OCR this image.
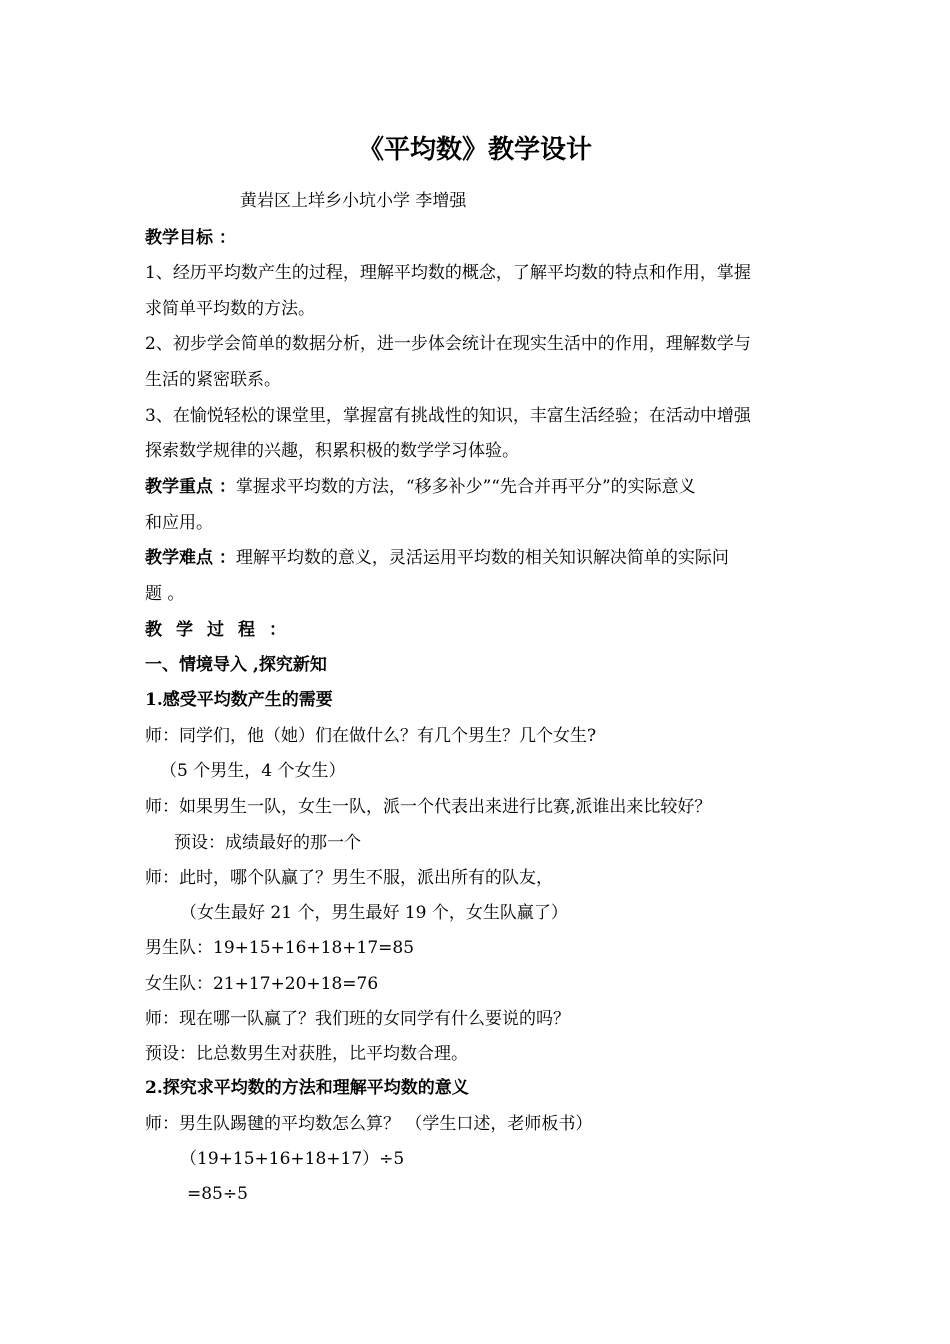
《平均数》教学设计
黄岩区上垟乡小坑小学 李增强
教学目标 ：
1、经历平均数产生的过程，理解平均数的概念，了解平均数的特点和作用，掌握
求简单平均数的方法。
2、初步学会简单的数据分析，进一步体会统计在现实生活中的作用，理解数学与
生活的紧密联系。
3、在愉悦轻松的课堂里，掌握富有挑战性的知识，丰富生活经验；在活动中增强
探索数学规律的兴趣，积累积极的数学学习体验。
教学重点 ：掌握求平均数的方法，“移多补少”“先合并再平分”的实际意义
和应用。
教学难点 ：理解平均数的意义，灵活运用平均数的相关知识解决简单的实际问
题 。
教学过程：
一、情境导入 ,探究新知
1.感受平均数产生的需要
师：同学们，他（她）们在做什么？有几个男生？几个女生?
（5 个男生，4 个女生）
师：如果男生一队，女生一队，派一个代表出来进行比赛,派谁出来比较好？
预设：成绩最好的那一个
师：此时，哪个队赢了？男生不服，派出所有的队友，
（女生最好 21 个，男生最好 19 个，女生队赢了）
男生队：19+15+16+18+17=85
女生队：21+17+20+18=76
师：现在哪一队赢了？我们班的女同学有什么要说的吗？
预设：比总数男生对获胜，比平均数合理。
2.探究求平均数的方法和理解平均数的意义
师：男生队踢毽的平均数怎么算？ （学生口述，老师板书）
（19+15+16+18+17）÷5
=85÷5
